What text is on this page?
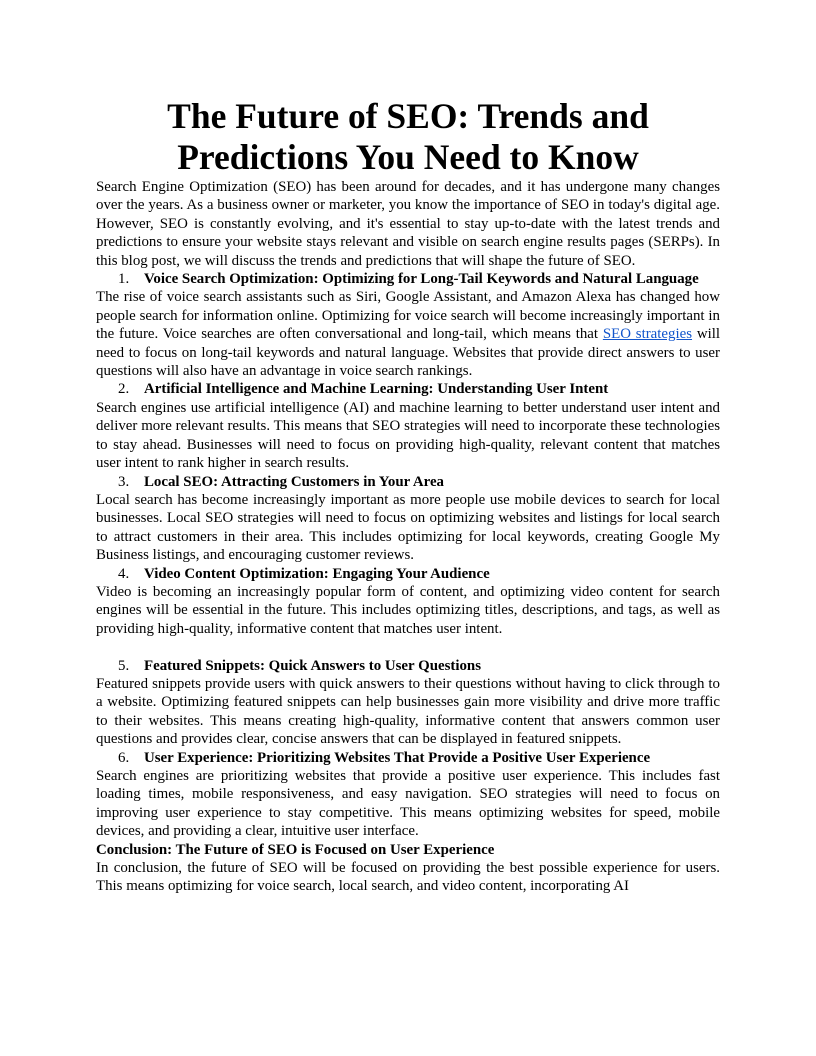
The Future of SEO: Trends and Predictions You Need to Know

Search Engine Optimization (SEO) has been around for decades, and it has undergone many changes over the years. As a business owner or marketer, you know the importance of SEO in today's digital age. However, SEO is constantly evolving, and it's essential to stay up-to-date with the latest trends and predictions to ensure your website stays relevant and visible on search engine results pages (SERPs). In this blog post, we will discuss the trends and predictions that will shape the future of SEO.

1. Voice Search Optimization: Optimizing for Long-Tail Keywords and Natural Language

The rise of voice search assistants such as Siri, Google Assistant, and Amazon Alexa has changed how people search for information online. Optimizing for voice search will become increasingly important in the future. Voice searches are often conversational and long-tail, which means that SEO strategies will need to focus on long-tail keywords and natural language. Websites that provide direct answers to user questions will also have an advantage in voice search rankings.

2. Artificial Intelligence and Machine Learning: Understanding User Intent

Search engines use artificial intelligence (AI) and machine learning to better understand user intent and deliver more relevant results. This means that SEO strategies will need to incorporate these technologies to stay ahead. Businesses will need to focus on providing high-quality, relevant content that matches user intent to rank higher in search results.

3. Local SEO: Attracting Customers in Your Area

Local search has become increasingly important as more people use mobile devices to search for local businesses. Local SEO strategies will need to focus on optimizing websites and listings for local search to attract customers in their area. This includes optimizing for local keywords, creating Google My Business listings, and encouraging customer reviews.

4. Video Content Optimization: Engaging Your Audience

Video is becoming an increasingly popular form of content, and optimizing video content for search engines will be essential in the future. This includes optimizing titles, descriptions, and tags, as well as providing high-quality, informative content that matches user intent.

5. Featured Snippets: Quick Answers to User Questions

Featured snippets provide users with quick answers to their questions without having to click through to a website. Optimizing featured snippets can help businesses gain more visibility and drive more traffic to their websites. This means creating high-quality, informative content that answers common user questions and provides clear, concise answers that can be displayed in featured snippets.

6. User Experience: Prioritizing Websites That Provide a Positive User Experience

Search engines are prioritizing websites that provide a positive user experience. This includes fast loading times, mobile responsiveness, and easy navigation. SEO strategies will need to focus on improving user experience to stay competitive. This means optimizing websites for speed, mobile devices, and providing a clear, intuitive user interface.

Conclusion: The Future of SEO is Focused on User Experience

In conclusion, the future of SEO will be focused on providing the best possible experience for users. This means optimizing for voice search, local search, and video content, incorporating AI
